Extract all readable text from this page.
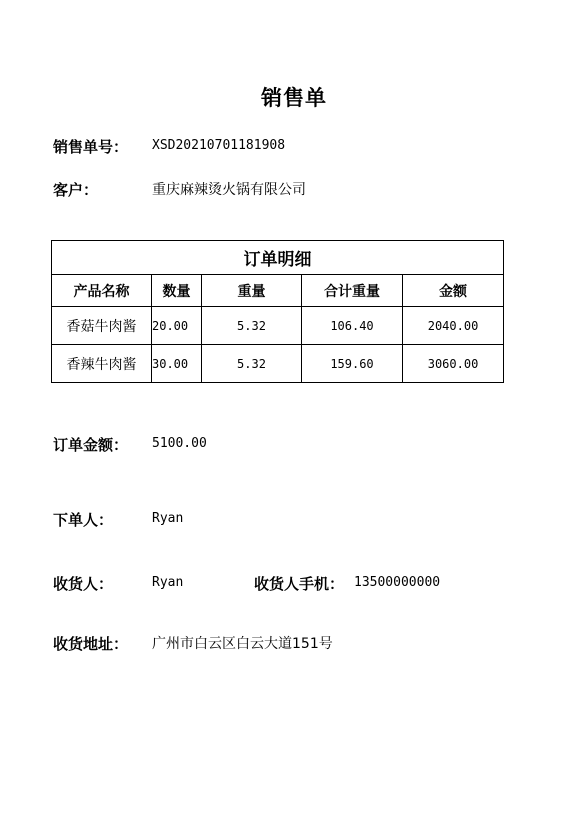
销售单
销售单号： XSD20210701181908
客户：	重庆麻辣烫火锅有限公司
订单明细				
产品名称	数量	重量	合计重量	金额
香菇牛肉酱	20.00	5.32	106.40	2040.00
香辣牛肉酱	30.00	5.32	159.60	3060.00
订单金额： 5100.00
下单人：	Ryan
收货人：	Ryan	收货人手机： 13500000000
收货地址： 广州市白云区白云大道151号
